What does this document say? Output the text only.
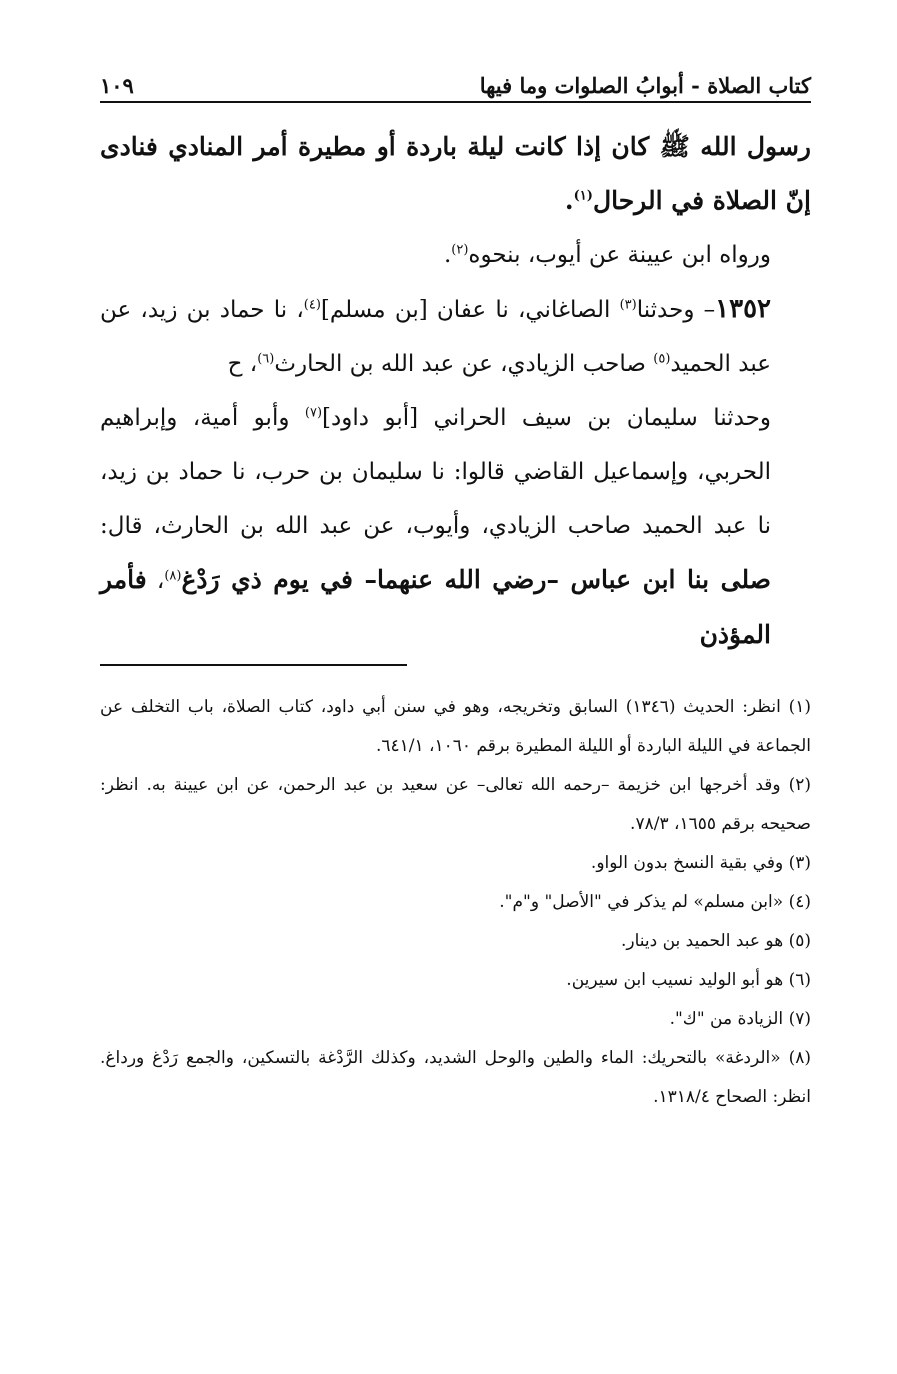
كتاب الصلاة - أبوابُ الصلوات وما فيها
١٠٩

رسول الله ﷺ كان إذا كانت ليلة باردة أو مطيرة أمر المنادي فنادى إنّ الصلاة في الرحال$^{(١)}$.

ورواه ابن عيينة عن أيوب، بنحوه$^{(٢)}$.

١٣٥٢– وحدثنا$^{(٣)}$ الصاغاني، نا عفان [بن مسلم]$^{(٤)}$، نا حماد بن زيد، عن عبد الحميد$^{(٥)}$ صاحب الزيادي، عن عبد الله بن الحارث$^{(٦)}$، ح

وحدثنا سليمان بن سيف الحراني [أبو داود]$^{(٧)}$ وأبو أمية، وإبراهيم الحربي، وإسماعيل القاضي قالوا: نا سليمان بن حرب، نا حماد بن زيد، نا عبد الحميد صاحب الزيادي، وأيوب، عن عبد الله بن الحارث، قال: صلى بنا ابن عباس –رضي الله عنهما– في يوم ذي رَدْغ$^{(٨)}$، فأمر المؤذن

(١) انظر: الحديث (١٣٤٦) السابق وتخريجه، وهو في سنن أبي داود، كتاب الصلاة، باب التخلف عن الجماعة في الليلة الباردة أو الليلة المطيرة برقم ١٠٦٠، ٦٤١/١.

(٢) وقد أخرجها ابن خزيمة –رحمه الله تعالى– عن سعيد بن عبد الرحمن، عن ابن عيينة به. انظر: صحيحه برقم ١٦٥٥، ٧٨/٣.

(٣) وفي بقية النسخ بدون الواو.

(٤) «ابن مسلم» لم يذكر في "الأصل" و"م".

(٥) هو عبد الحميد بن دينار.

(٦) هو أبو الوليد نسيب ابن سيرين.

(٧) الزيادة من "ك".

(٨) «الردغة» بالتحريك: الماء والطين والوحل الشديد، وكذلك الرَّدْغة بالتسكين، والجمع رَدْغ ورداغ. انظر: الصحاح ١٣١٨/٤.
